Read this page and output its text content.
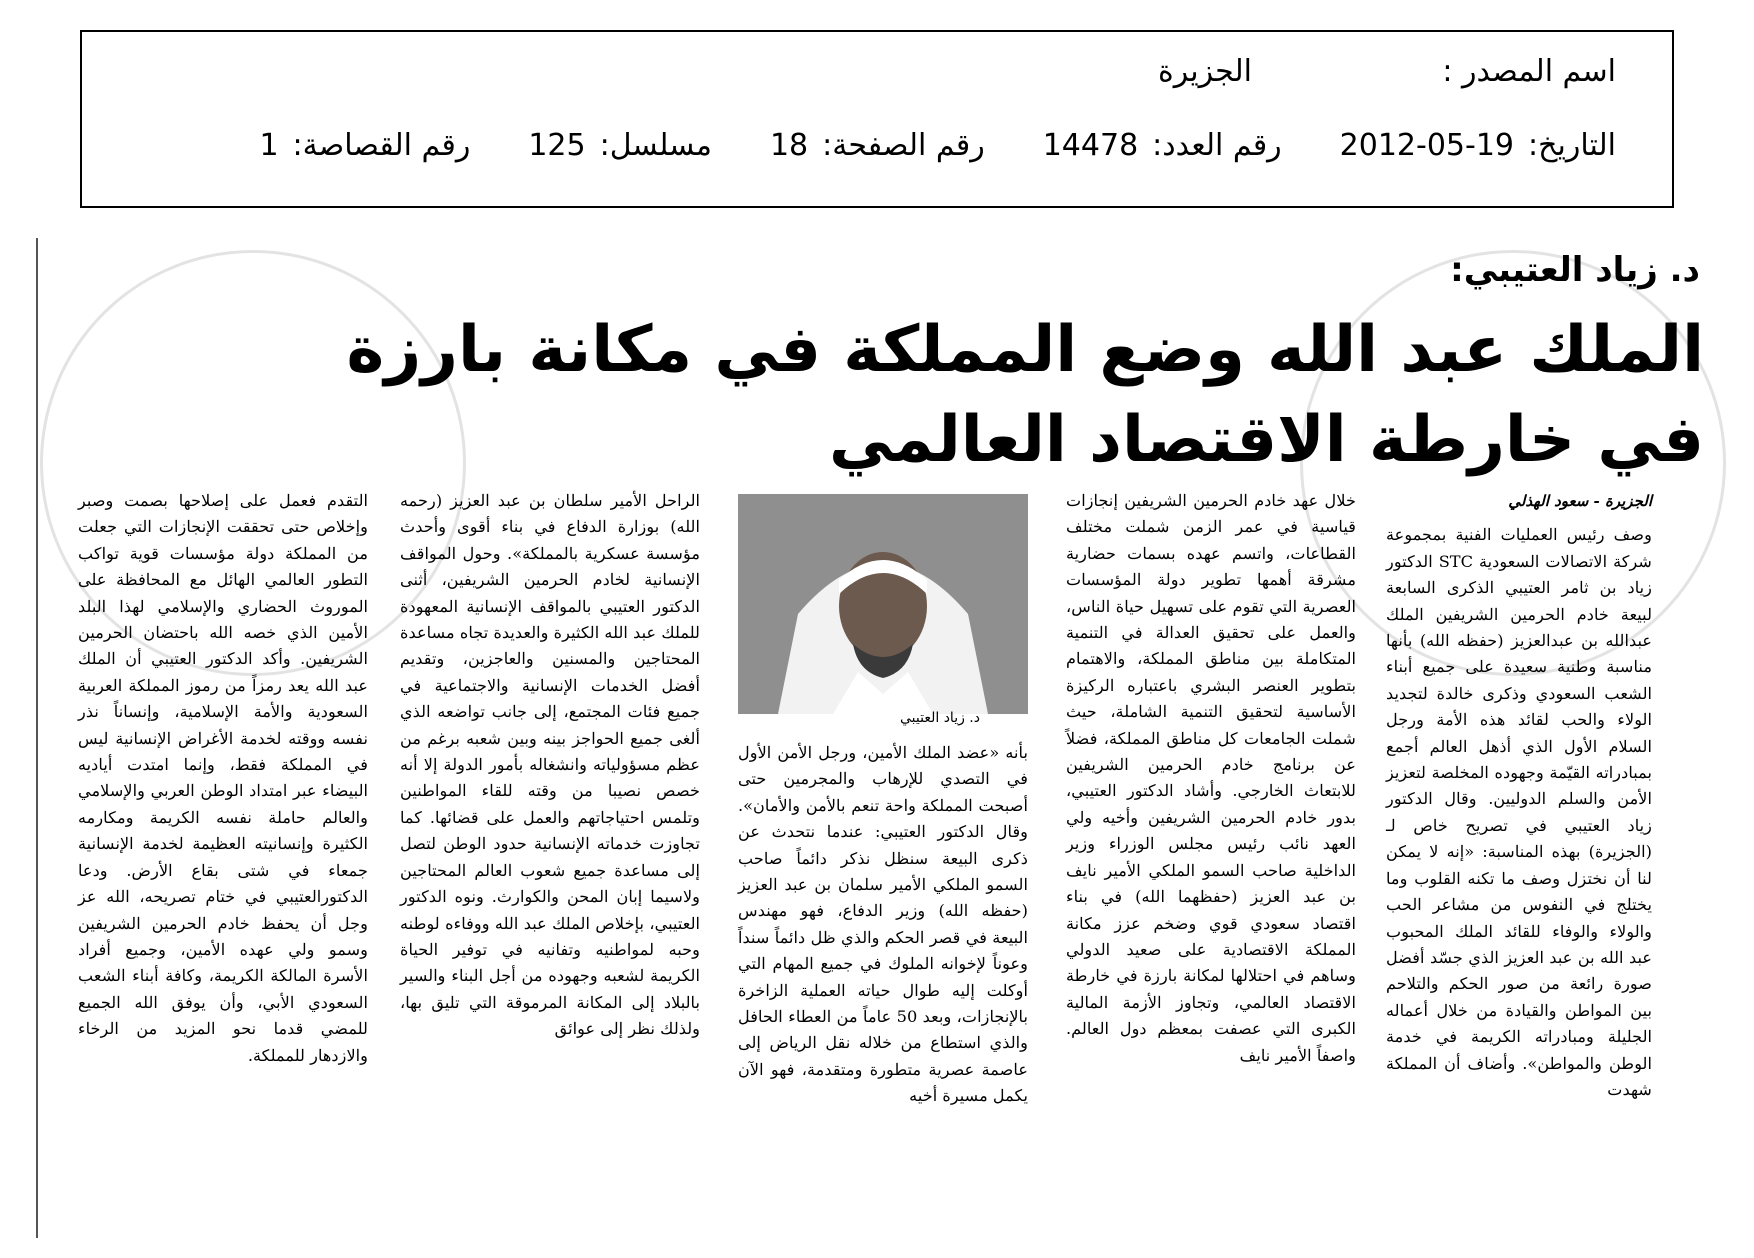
اسم المصدر :
الجزيرة
التاريخ:
2012-05-19
رقم العدد:
14478
رقم الصفحة:
18
مسلسل:
125
رقم القصاصة:
1
د. زياد العتيبي:
الملك عبد الله وضع المملكة في مكانة بارزة
في خارطة الاقتصاد العالمي
الجزيرة - سعود الهذلي

وصف رئيس العمليات الفنية بمجموعة شركة الاتصالات السعودية STC الدكتور زياد بن ثامر العتيبي الذكرى السابعة لبيعة خادم الحرمين الشريفين الملك عبدالله بن عبدالعزيز (حفظه الله) بأنها مناسبة وطنية سعيدة على جميع أبناء الشعب السعودي وذكرى خالدة لتجديد الولاء والحب لقائد هذه الأمة ورجل السلام الأول الذي أذهل العالم أجمع بمبادراته القيّمة وجهوده المخلصة لتعزيز الأمن والسلم الدوليين. وقال الدكتور زياد العتيبي في تصريح خاص لـ (الجزيرة) بهذه المناسبة: «إنه لا يمكن لنا أن نختزل وصف ما تكنه القلوب وما يختلج في النفوس من مشاعر الحب والولاء والوفاء للقائد الملك المحبوب عبد الله بن عبد العزيز الذي جسّد أفضل صورة رائعة من صور الحكم والتلاحم بين المواطن والقيادة من خلال أعماله الجليلة ومبادراته الكريمة في خدمة الوطن والمواطن». وأضاف أن المملكة شهدت

خلال عهد خادم الحرمين الشريفين إنجازات قياسية في عمر الزمن شملت مختلف القطاعات، واتسم عهده بسمات حضارية مشرقة أهمها تطوير دولة المؤسسات العصرية التي تقوم على تسهيل حياة الناس، والعمل على تحقيق العدالة في التنمية المتكاملة بين مناطق المملكة، والاهتمام بتطوير العنصر البشري باعتباره الركيزة الأساسية لتحقيق التنمية الشاملة، حيث شملت الجامعات كل مناطق المملكة، فضلاً عن برنامج خادم الحرمين الشريفين للابتعاث الخارجي. وأشاد الدكتور العتيبي، بدور خادم الحرمين الشريفين وأخيه ولي العهد نائب رئيس مجلس الوزراء وزير الداخلية صاحب السمو الملكي الأمير نايف بن عبد العزيز (حفظهما الله) في بناء اقتصاد سعودي قوي وضخم عزز مكانة المملكة الاقتصادية على صعيد الدولي وساهم في احتلالها لمكانة بارزة في خارطة الاقتصاد العالمي، وتجاوز الأزمة المالية الكبرى التي عصفت بمعظم دول العالم. واصفاً الأمير نايف

د. زياد العتيبي

بأنه «عضد الملك الأمين، ورجل الأمن الأول في التصدي للإرهاب والمجرمين حتى أصبحت المملكة واحة تنعم بالأمن والأمان». وقال الدكتور العتيبي: عندما نتحدث عن ذكرى البيعة سنظل نذكر دائماً صاحب السمو الملكي الأمير سلمان بن عبد العزيز (حفظه الله) وزير الدفاع، فهو مهندس البيعة في قصر الحكم والذي ظل دائماً سنداً وعوناً لإخوانه الملوك في جميع المهام التي أوكلت إليه طوال حياته العملية الزاخرة بالإنجازات، وبعد 50 عاماً من العطاء الحافل والذي استطاع من خلاله نقل الرياض إلى عاصمة عصرية متطورة ومتقدمة، فهو الآن يكمل مسيرة أخيه

الراحل الأمير سلطان بن عبد العزيز (رحمه الله) بوزارة الدفاع في بناء أقوى وأحدث مؤسسة عسكرية بالمملكة». وحول المواقف الإنسانية لخادم الحرمين الشريفين، أثنى الدكتور العتيبي بالمواقف الإنسانية المعهودة للملك عبد الله الكثيرة والعديدة تجاه مساعدة المحتاجين والمسنين والعاجزين، وتقديم أفضل الخدمات الإنسانية والاجتماعية في جميع فئات المجتمع، إلى جانب تواضعه الذي ألغى جميع الحواجز بينه وبين شعبه برغم من عظم مسؤولياته وانشغاله بأمور الدولة إلا أنه خصص نصيبا من وقته للقاء المواطنين وتلمس احتياجاتهم والعمل على قضائها. كما تجاوزت خدماته الإنسانية حدود الوطن لتصل إلى مساعدة جميع شعوب العالم المحتاجين ولاسيما إبان المحن والكوارث. ونوه الدكتور العتيبي، بإخلاص الملك عبد الله ووفاءه لوطنه وحبه لمواطنيه وتفانيه في توفير الحياة الكريمة لشعبه وجهوده من أجل البناء والسير بالبلاد إلى المكانة المرموقة التي تليق بها، ولذلك نظر إلى عوائق

التقدم فعمل على إصلاحها بصمت وصبر وإخلاص حتى تحققت الإنجازات التي جعلت من المملكة دولة مؤسسات قوية تواكب التطور العالمي الهائل مع المحافظة على الموروث الحضاري والإسلامي لهذا البلد الأمين الذي خصه الله باحتضان الحرمين الشريفين. وأكد الدكتور العتيبي أن الملك عبد الله يعد رمزاً من رموز المملكة العربية السعودية والأمة الإسلامية، وإنساناً نذر نفسه ووقته لخدمة الأغراض الإنسانية ليس في المملكة فقط، وإنما امتدت أياديه البيضاء عبر امتداد الوطن العربي والإسلامي والعالم حاملة نفسه الكريمة ومكارمه الكثيرة وإنسانيته العظيمة لخدمة الإنسانية جمعاء في شتى بقاع الأرض. ودعا الدكتورالعتيبي في ختام تصريحه، الله عز وجل أن يحفظ خادم الحرمين الشريفين وسمو ولي عهده الأمين، وجميع أفراد الأسرة المالكة الكريمة، وكافة أبناء الشعب السعودي الأبي، وأن يوفق الله الجميع للمضي قدما نحو المزيد من الرخاء والازدهار للمملكة.
